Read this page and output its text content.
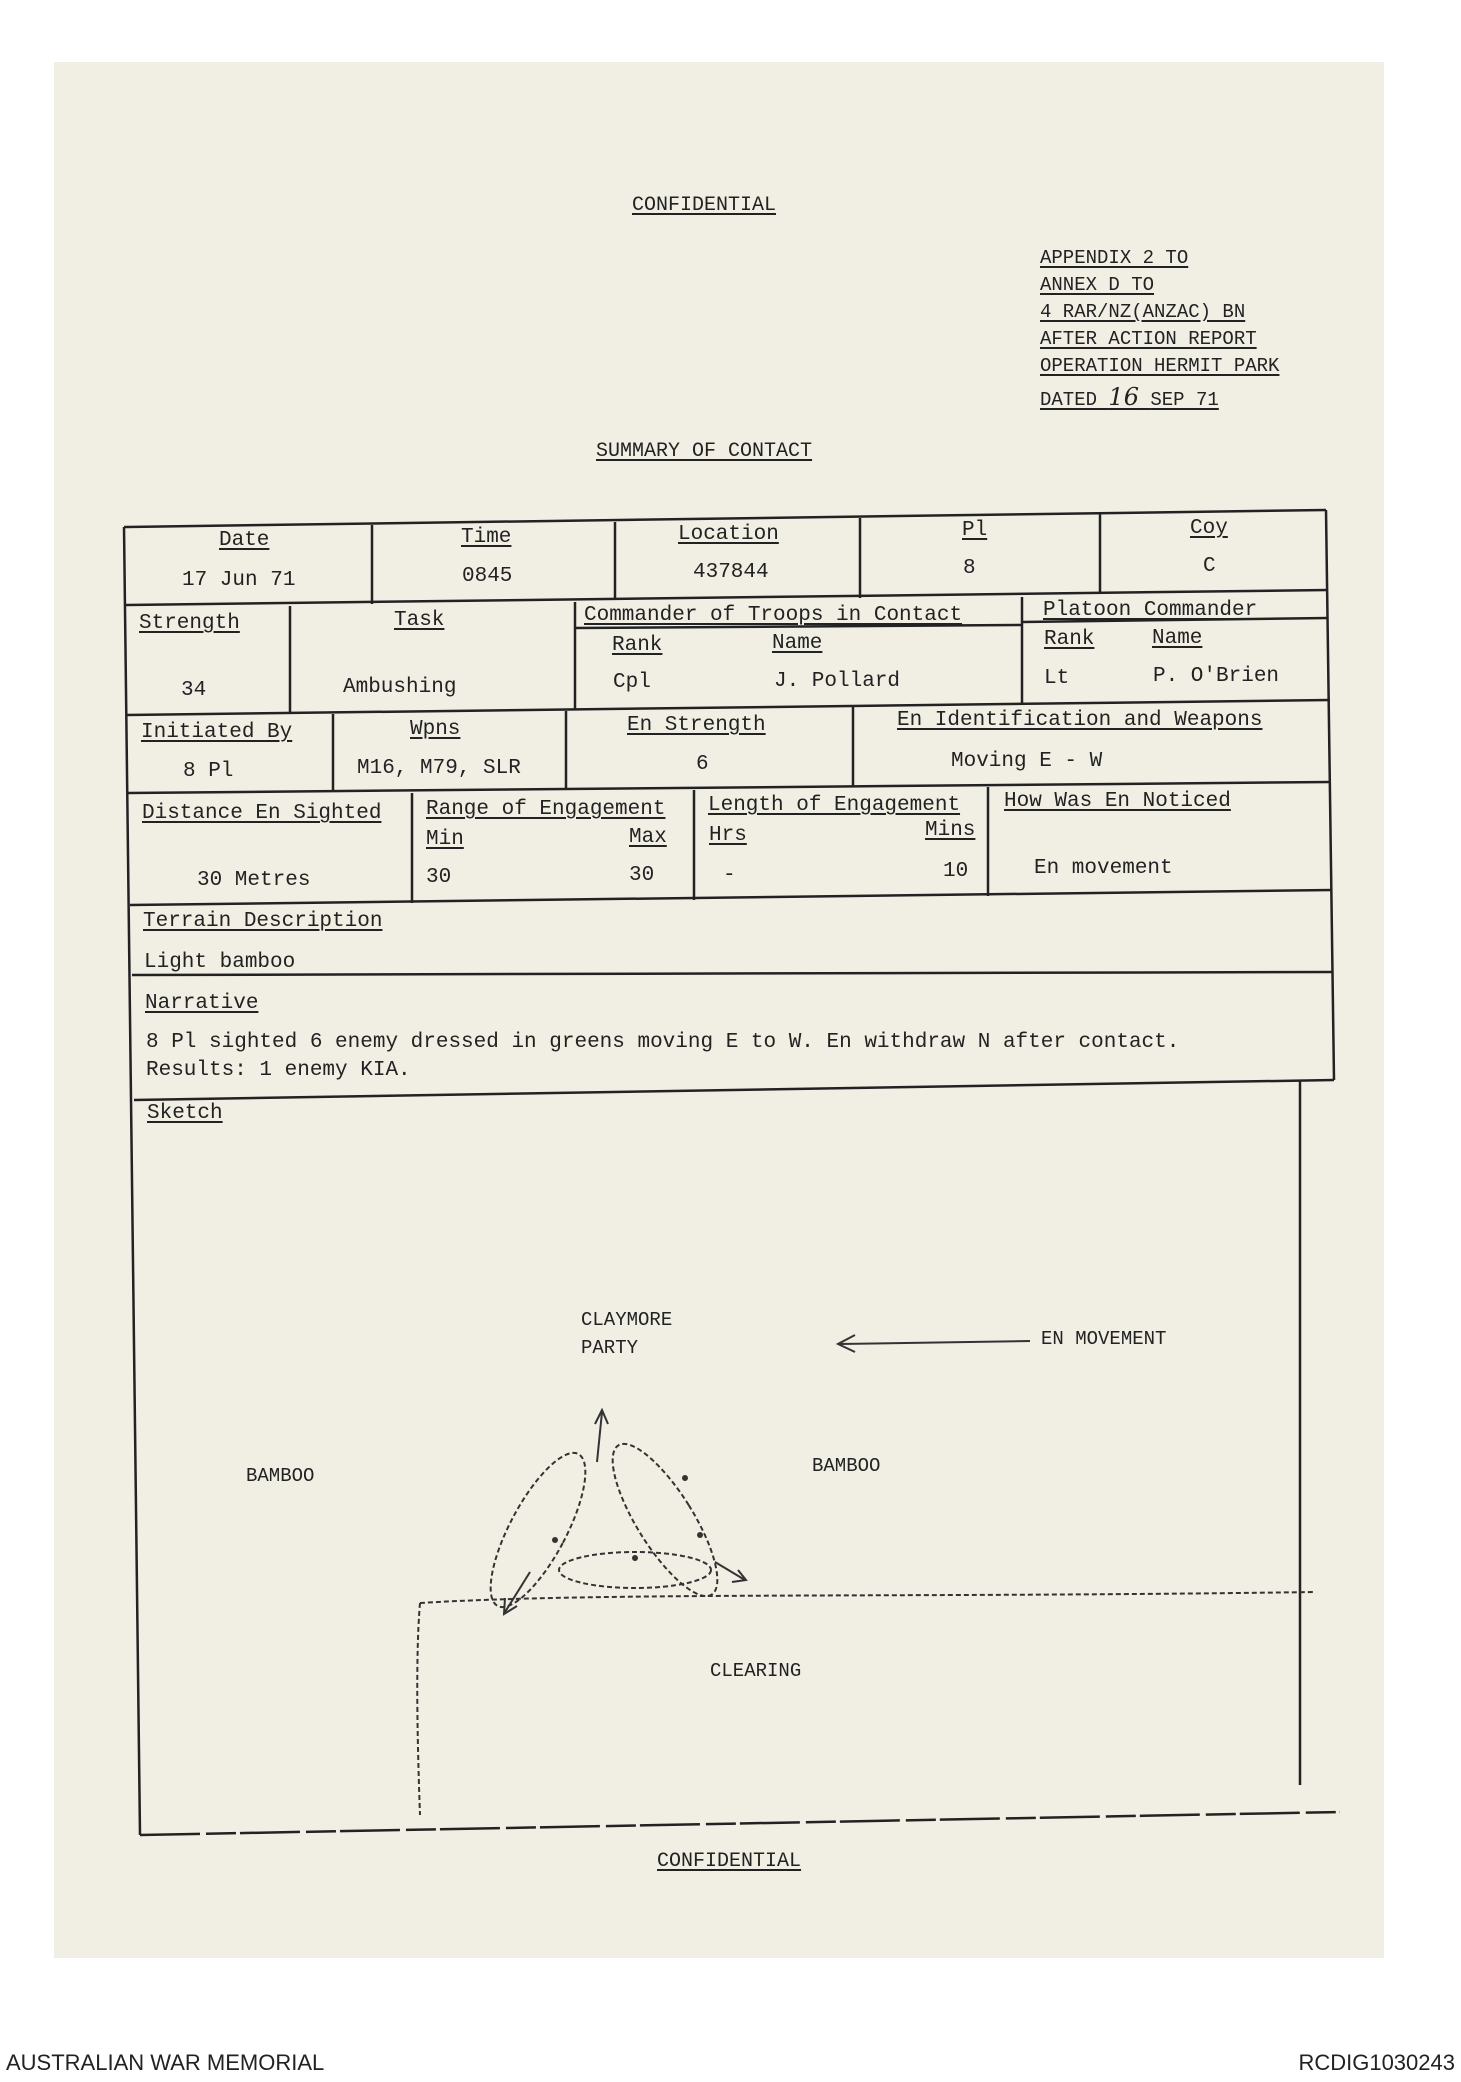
CONFIDENTIAL
APPENDIX 2 TO
ANNEX D TO
4 RAR/NZ(ANZAC) BN
AFTER ACTION REPORT
OPERATION HERMIT PARK
DATED 16 SEP 71
SUMMARY OF CONTACT
Date
17 Jun 71
Time
0845
Location
437844
Pl
8
Coy
C
Strength
34
Task
Ambushing
Commander of Troops in Contact
Rank	Name
Cpl	J. Pollard
Platoon Commander
Rank	Name
Lt	P. O'Brien
Initiated By
8 Pl
Wpns
M16, M79, SLR
En Strength
6
En Identification and Weapons
Moving E - W
Distance En Sighted
30 Metres
Range of Engagement
Min	Max
30	30
Length of Engagement
Hrs	Mins
-	10
How Was En Noticed
En movement
Terrain Description
Light bamboo
Narrative
8 Pl sighted 6 enemy dressed in greens moving E to W. En withdraw N after contact.
Results: 1 enemy KIA.
Sketch
CLAYMORE
PARTY	EN MOVEMENT
BAMBOO	BAMBOO
CLEARING
CONFIDENTIAL
AUSTRALIAN WAR MEMORIAL	RCDIG1030243
